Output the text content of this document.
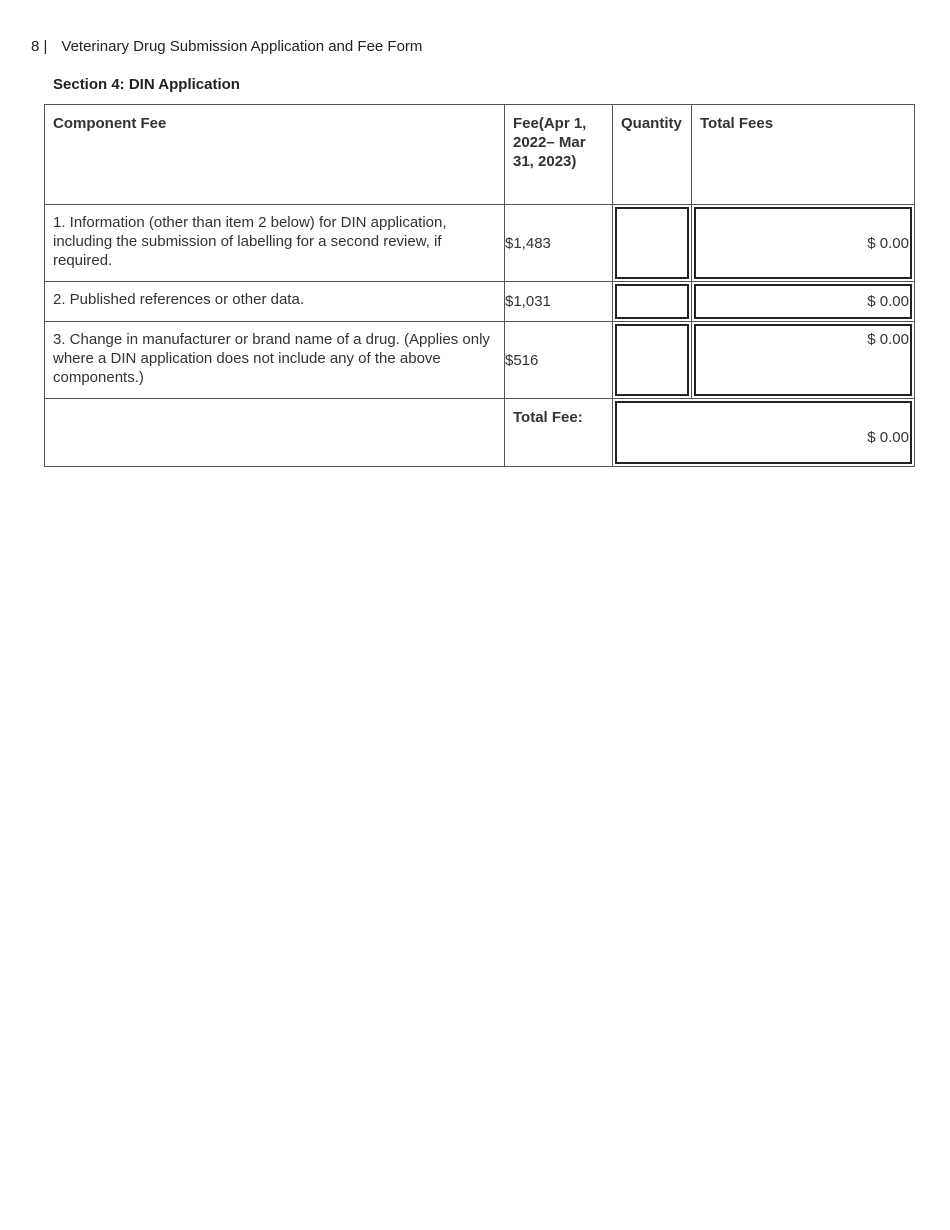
8 | Veterinary Drug Submission Application and Fee Form
Section 4: DIN Application
Component Fee	Fee(Apr 1, 2022– Mar 31, 2023)	Quantity	Total Fees

1. Information (other than item 2 below) for DIN application, including the submission of labelling for a second review, if required.	$1,483		$ 0.00

2. Published references or other data.	$1,031		$ 0.00

3. Change in manufacturer or brand name of a drug. (Applies only where a DIN application does not include any of the above components.)	$516		$ 0.00

	Total Fee:	$ 0.00	
